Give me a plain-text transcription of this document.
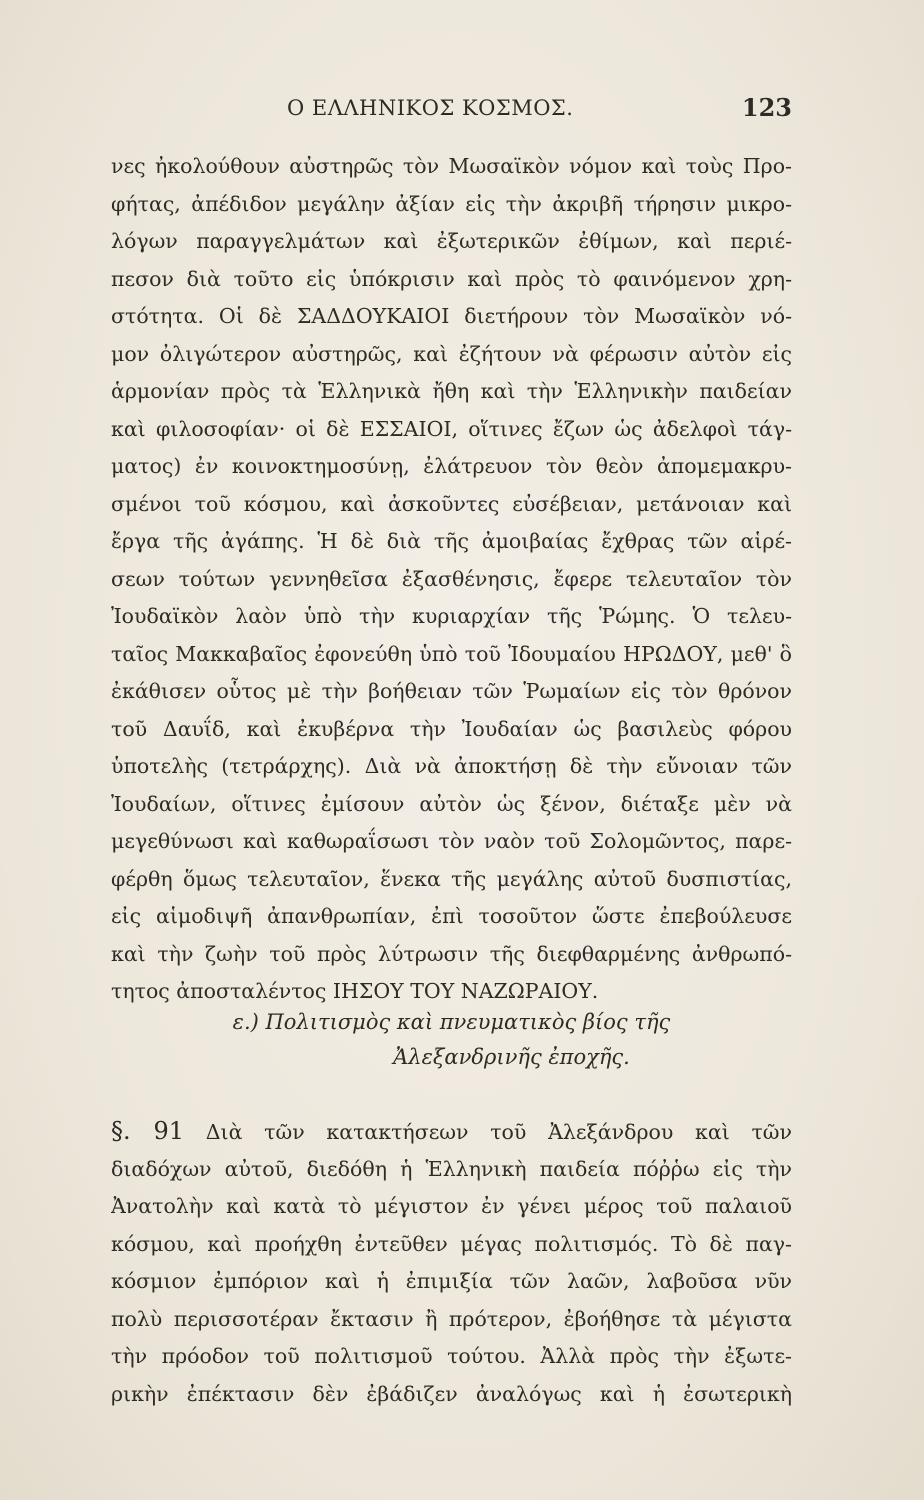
Ο ΕΛΛΗΝΙΚΟΣ ΚΟΣΜΟΣ.	123
νες ἠκολούθουν αὐστηρῶς τὸν Μωσαϊκὸν νόμον καὶ τοὺς Προ-
φήτας, ἀπέδιδον μεγάλην ἀξίαν εἰς τὴν ἀκριβῆ τήρησιν μικρο-
λόγων παραγγελμάτων καὶ ἐξωτερικῶν ἐθίμων, καὶ περιέ-
πεσον διὰ τοῦτο εἰς ὑπόκρισιν καὶ πρὸς τὸ φαινόμενον χρη-
στότητα. Οἱ δὲ ΣΑΔΔΟΥΚΑΙΟΙ διετήρουν τὸν Μωσαϊκὸν νό-
μον ὀλιγώτερον αὐστηρῶς, καὶ ἐζήτουν νὰ φέρωσιν αὐτὸν εἰς
ἁρμονίαν πρὸς τὰ Ἑλληνικὰ ἤθη καὶ τὴν Ἑλληνικὴν παιδείαν
καὶ φιλοσοφίαν· οἱ δὲ ΕΣΣΑΙΟΙ, οἵτινες ἔζων ὡς ἀδελφοὶ τάγ-
ματος) ἐν κοινοκτημοσύνῃ, ἐλάτρευον τὸν θεὸν ἀπομεμακρυ-
σμένοι τοῦ κόσμου, καὶ ἀσκοῦντες εὐσέβειαν, μετάνοιαν καὶ
ἔργα τῆς ἀγάπης. Ἡ δὲ διὰ τῆς ἀμοιβαίας ἔχθρας τῶν αἱρέ-
σεων τούτων γεννηθεῖσα ἐξασθένησις, ἔφερε τελευταῖον τὸν
Ἰουδαϊκὸν λαὸν ὑπὸ τὴν κυριαρχίαν τῆς Ῥώμης. Ὁ τελευ-
ταῖος Μακκαβαῖος ἐφονεύθη ὑπὸ τοῦ Ἰδουμαίου ΗΡΩΔΟΥ, μεθ' ὃ
ἐκάθισεν οὗτος μὲ τὴν βοήθειαν τῶν Ῥωμαίων εἰς τὸν θρόνον
τοῦ Δαυΐδ, καὶ ἐκυβέρνα τὴν Ἰουδαίαν ὡς βασιλεὺς φόρου
ὑποτελὴς (τετράρχης). Διὰ νὰ ἀποκτήσῃ δὲ τὴν εὔνοιαν τῶν
Ἰουδαίων, οἵτινες ἐμίσουν αὐτὸν ὡς ξένον, διέταξε μὲν νὰ
μεγεθύνωσι καὶ καθωραΐσωσι τὸν ναὸν τοῦ Σολομῶντος, παρε-
φέρθη ὅμως τελευταῖον, ἕνεκα τῆς μεγάλης αὐτοῦ δυσπιστίας,
εἰς αἱμοδιψῆ ἀπανθρωπίαν, ἐπὶ τοσοῦτον ὥστε ἐπεβούλευσε
καὶ τὴν ζωὴν τοῦ πρὸς λύτρωσιν τῆς διεφθαρμένης ἀνθρωπό-
τητος ἀποσταλέντος ΙΗΣΟΥ ΤΟΥ ΝΑΖΩΡΑΙΟΥ.
ε.) Πολιτισμὸς καὶ πνευματικὸς βίος τῆς
Ἀλεξανδρινῆς ἐποχῆς.
§. 91 Διὰ τῶν κατακτήσεων τοῦ Ἀλεξάνδρου καὶ τῶν
διαδόχων αὐτοῦ, διεδόθη ἡ Ἑλληνικὴ παιδεία πόῤῥω εἰς τὴν
Ἀνατολὴν καὶ κατὰ τὸ μέγιστον ἐν γένει μέρος τοῦ παλαιοῦ
κόσμου, καὶ προήχθη ἐντεῦθεν μέγας πολιτισμός. Τὸ δὲ παγ-
κόσμιον ἐμπόριον καὶ ἡ ἐπιμιξία τῶν λαῶν, λαβοῦσα νῦν
πολὺ περισσοτέραν ἔκτασιν ἢ πρότερον, ἐβοήθησε τὰ μέγιστα
τὴν πρόοδον τοῦ πολιτισμοῦ τούτου. Ἀλλὰ πρὸς τὴν ἐξωτε-
ρικὴν ἐπέκτασιν δὲν ἐβάδιζεν ἀναλόγως καὶ ἡ ἐσωτερικὴ
